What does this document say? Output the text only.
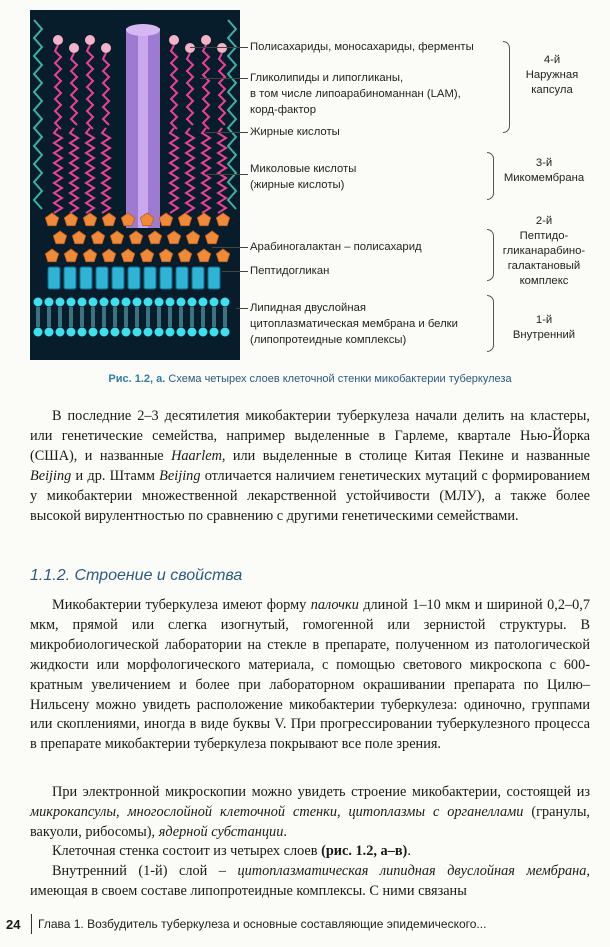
Полисахариды, моносахариды, ферменты
Гликолипиды и липогликаны,
в том числе липоарабиноманнан (LAM),
корд-фактор
Жирные кислоты
Миколовые кислоты
(жирные кислоты)
Арабиногалактан – полисахарид
Пептидогликан
Липидная двуслойная
цитоплазматическая мембрана и белки
(липопротеидные комплексы)
4-й
Наружная
капсула
3-й
Микомембрана
2-й
Пептидо-
гликанарабино-
галактановый
комплекс
1-й
Внутренний
Рис. 1.2, а. Схема четырех слоев клеточной стенки микобактерии туберкулеза

В последние 2–3 десятилетия микобактерии туберкулеза начали делить на кластеры, или генетические семейства, например выделенные в Гарлеме, квартале Нью-Йорка (США), и названные Haarlem, или выделенные в столице Китая Пекине и названные Beijing и др. Штамм Beijing отличается наличием генетических мутаций с формированием у микобактерии множественной лекарственной устойчивости (МЛУ), а также более высокой вирулентностью по сравнению с другими генетическими семействами.

1.1.2. Строение и свойства

Микобактерии туберкулеза имеют форму палочки длиной 1–10 мкм и шириной 0,2–0,7 мкм, прямой или слегка изогнутый, гомогенной или зернистой структуры. В микробиологической лаборатории на стекле в препарате, полученном из патологической жидкости или морфологического материала, с помощью светового микроскопа с 600-кратным увеличением и более при лабораторном окрашивании препарата по Цилю–Нильсену можно увидеть расположение микобактерии туберкулеза: одиночно, группами или скоплениями, иногда в виде буквы V. При прогрессировании туберкулезного процесса в препарате микобактерии туберкулеза покрывают все поле зрения.

При электронной микроскопии можно увидеть строение микобактерии, состоящей из микрокапсулы, многослойной клеточной стенки, цитоплазмы с органеллами (гранулы, вакуоли, рибосомы), ядерной субстанции.

Клеточная стенка состоит из четырех слоев (рис. 1.2, а–в).

Внутренний (1-й) слой – цитоплазматическая липидная двуслойная мембрана, имеющая в своем составе липопротеидные комплексы. С ними связаны

24 Глава 1. Возбудитель туберкулеза и основные составляющие эпидемического...
